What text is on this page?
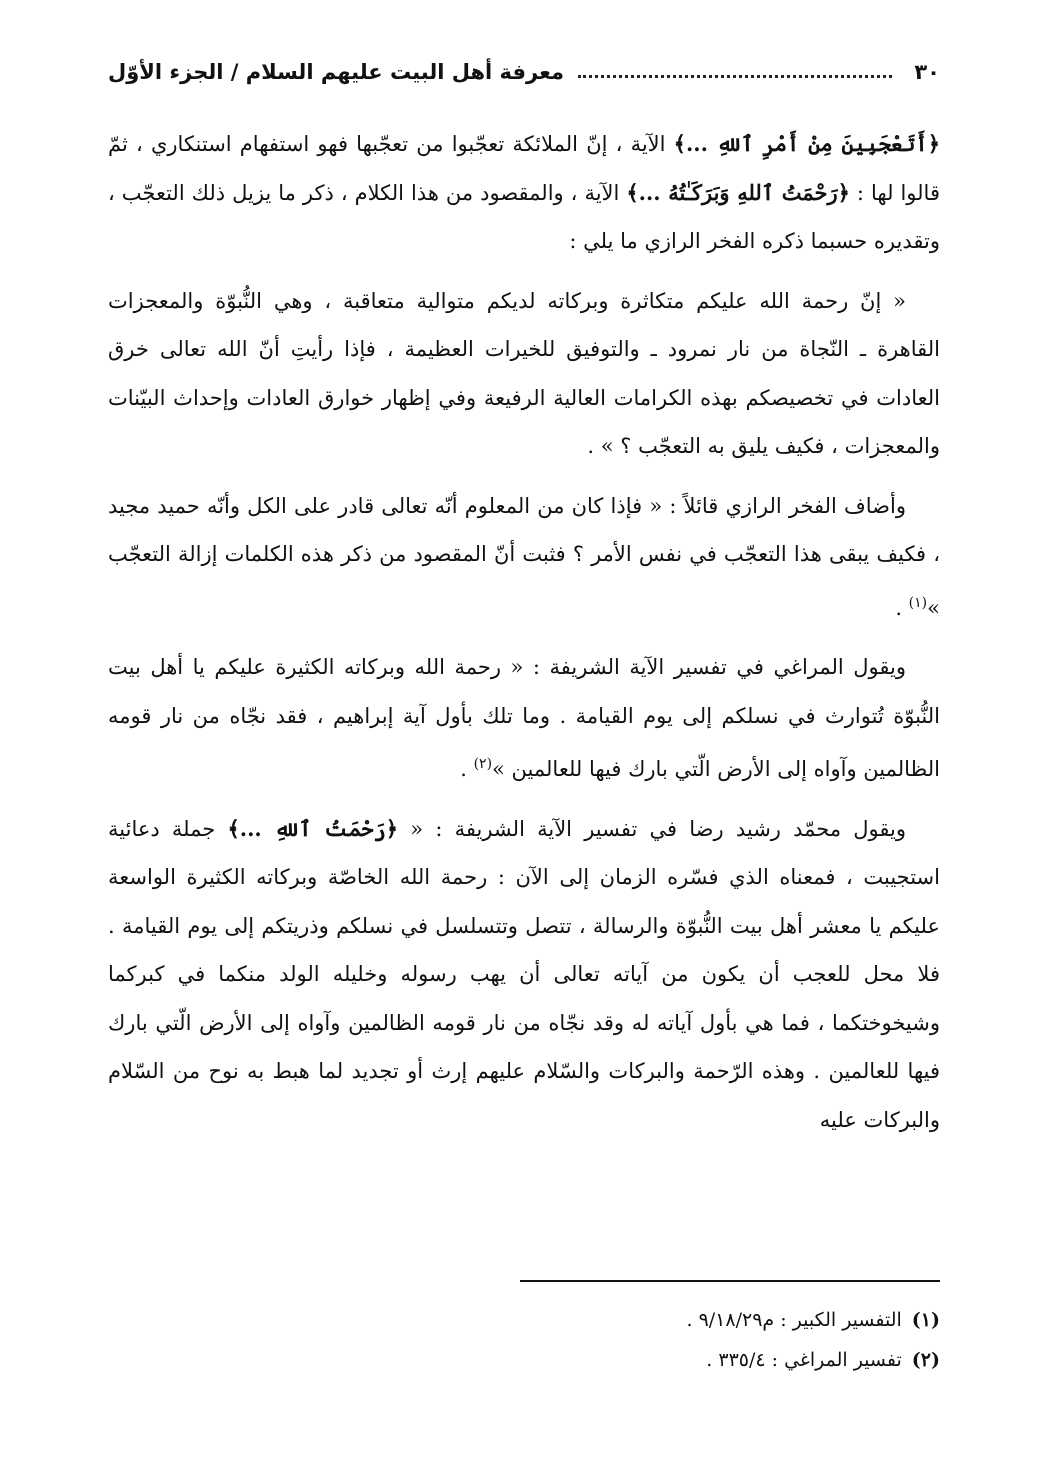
٣٠
معرفة أهل البيت عليهم السلام / الجزء الأوّل

﴿أَتَعْجَبِينَ مِنْ أَمْرِ ٱللهِ ...﴾ الآية ، إنّ الملائكة تعجّبوا من تعجّبها فهو استفهام استنكاري ، ثمّ قالوا لها : ﴿رَحْمَتُ ٱللهِ وَبَرَكَـٰتُهُ ...﴾ الآية ، والمقصود من هذا الكلام ، ذكر ما يزيل ذلك التعجّب ، وتقديره حسبما ذكره الفخر الرازي ما يلي :

« إنّ رحمة الله عليكم متكاثرة وبركاته لديكم متوالية متعاقبة ، وهي النُّبوّة والمعجزات القاهرة ـ النّجاة من نار نمرود ـ والتوفيق للخيرات العظيمة ، فإذا رأيتِ أنّ الله تعالى خرق العادات في تخصيصكم بهذه الكرامات العالية الرفيعة وفي إظهار خوارق العادات وإحداث البيّنات والمعجزات ، فكيف يليق به التعجّب ؟ » .

وأضاف الفخر الرازي قائلاً : « فإذا كان من المعلوم أنّه تعالى قادر على الكل وأنّه حميد مجيد ، فكيف يبقى هذا التعجّب في نفس الأمر ؟ فثبت أنّ المقصود من ذكر هذه الكلمات إزالة التعجّب »$^{(١)}$ .

ويقول المراغي في تفسير الآية الشريفة : « رحمة الله وبركاته الكثيرة عليكم يا أهل بيت النُّبوّة تُتوارث في نسلكم إلى يوم القيامة . وما تلك بأول آية إبراهيم ، فقد نجّاه من نار قومه الظالمين وآواه إلى الأرض الّتي بارك فيها للعالمين »$^{(٢)}$ .

ويقول محمّد رشيد رضا في تفسير الآية الشريفة : « ﴿رَحْمَتُ ٱللهِ ...﴾ جملة دعائية استجيبت ، فمعناه الذي فسّره الزمان إلى الآن : رحمة الله الخاصّة وبركاته الكثيرة الواسعة عليكم يا معشر أهل بيت النُّبوّة والرسالة ، تتصل وتتسلسل في نسلكم وذريتكم إلى يوم القيامة . فلا محل للعجب أن يكون من آياته تعالى أن يهب رسوله وخليله الولد منكما في كبركما وشيخوختكما ، فما هي بأول آياته له وقد نجّاه من نار قومه الظالمين وآواه إلى الأرض الّتي بارك فيها للعالمين . وهذه الرّحمة والبركات والسّلام عليهم إرث أو تجديد لما هبط به نوح من السّلام والبركات عليه

(١)
التفسير الكبير : م٩/١٨/٢٩ .
(٢)
تفسير المراغي : ٣٣٥/٤ .
